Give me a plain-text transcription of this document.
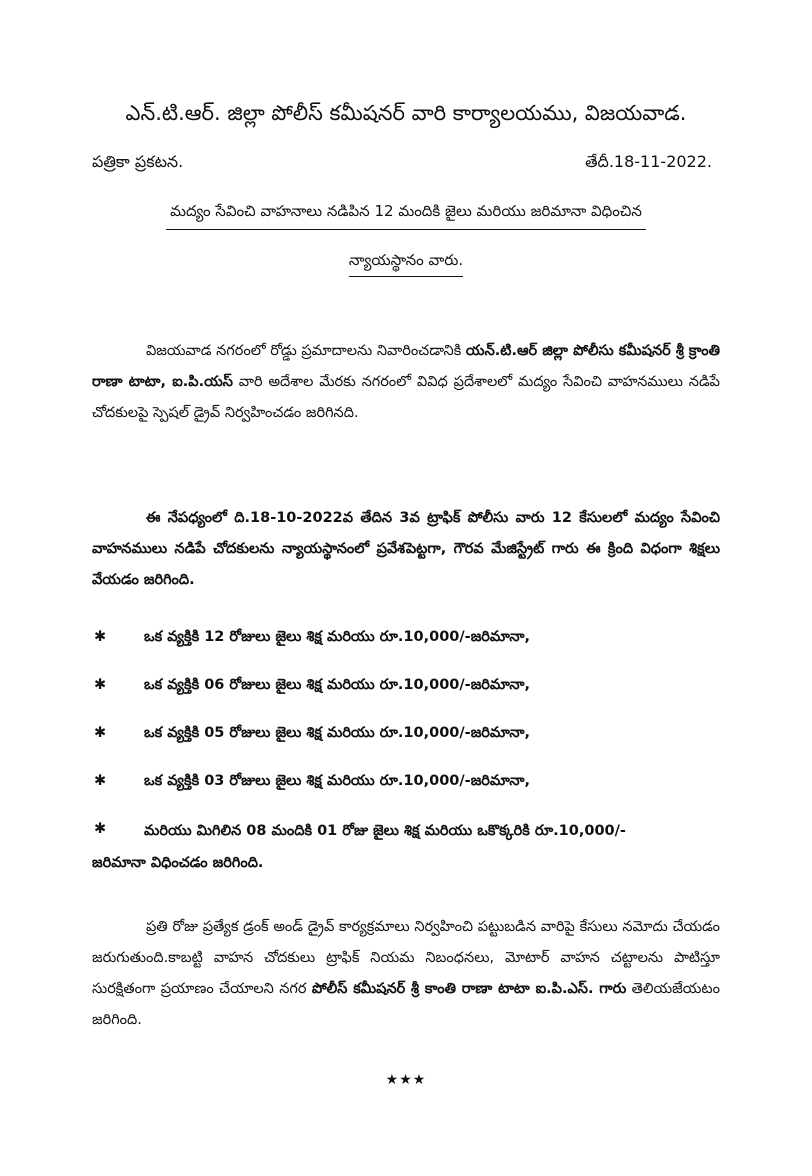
ఎన్.టి.ఆర్. జిల్లా పోలీస్ కమీషనర్ వారి కార్యాలయము, విజయవాడ.
పత్రికా ప్రకటన.	తేదీ.18-11-2022.
మద్యం సేవించి వాహనాలు నడిపిన 12 మందికి జైలు మరియు జరిమానా విధించిన
న్యాయస్థానం వారు.

విజయవాడ నగరంలో రోడ్డు ప్రమాదాలను నివారించడానికి యన్.టి.ఆర్ జిల్లా పోలీసు కమీషనర్ శ్రీ క్రాంతి రాణా టాటా, ఐ.పి.యస్ వారి అదేశాల మేరకు నగరంలో వివిధ ప్రదేశాలలో మద్యం సేవించి వాహనములు నడిపే చోదకులపై స్పెషల్ డ్రైవ్ నిర్వహించడం జరిగినది.

ఈ నేపధ్యంలో ది.18-10-2022వ తేదిన 3వ ట్రాఫిక్ పోలీసు వారు 12 కేసులలో మద్యం సేవించి వాహనములు నడిపే చోదకులను న్యాయస్థానంలో ప్రవేశపెట్టగా, గౌరవ మేజిస్ట్రేట్ గారు ఈ క్రింది విధంగా శిక్షలు వేయడం జరిగింది.

✱	ఒక వ్యక్తికి 12 రోజులు జైలు శిక్ష మరియు రూ.10,000/-జరిమానా,
✱	ఒక వ్యక్తికి 06 రోజులు జైలు శిక్ష మరియు రూ.10,000/-జరిమానా,
✱	ఒక వ్యక్తికి 05 రోజులు జైలు శిక్ష మరియు రూ.10,000/-జరిమానా,
✱	ఒక వ్యక్తికి 03 రోజులు జైలు శిక్ష మరియు రూ.10,000/-జరిమానా,
✱	మరియు మిగిలిన 08 మందికి 01 రోజు జైలు శిక్ష మరియు ఒకొక్కరికి రూ.10,000/-
జరిమానా విధించడం జరిగింది.

ప్రతి రోజు ప్రత్యేక డ్రంక్ అండ్ డ్రైవ్ కార్యక్రమాలు నిర్వహించి పట్టుబడిన వారిపై కేసులు నమోదు చేయడం జరుగుతుంది.కాబట్టి వాహన చోదకులు ట్రాఫిక్ నియమ నిబంధనలు, మోటార్ వాహన చట్టాలను పాటిస్తూ సురక్షితంగా ప్రయాణం చేయాలని నగర పోలీస్ కమీషనర్ శ్రీ కాంతి రాణా టాటా ఐ.పి.ఎస్. గారు తెలియజేయటం జరిగింది.

★★★
